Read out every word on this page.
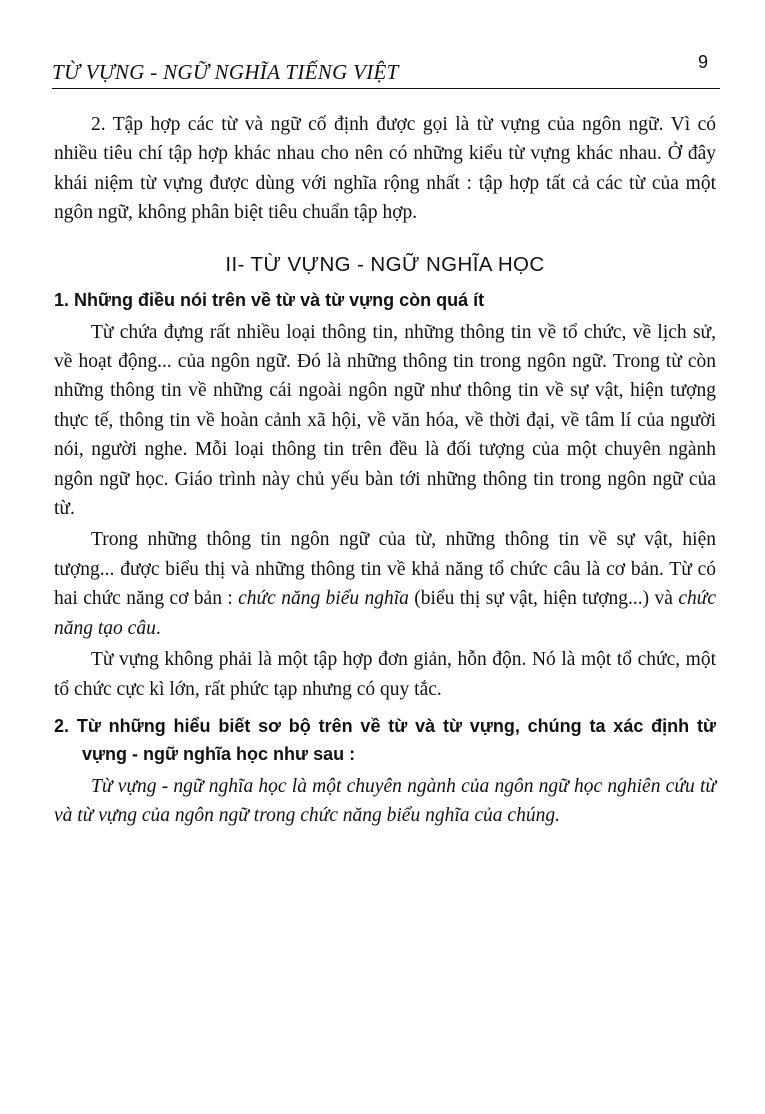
TỪ VỰNG - NGỮ NGHĨA TIẾNG VIỆT	9

2. Tập hợp các từ và ngữ cố định được gọi là từ vựng của ngôn ngữ. Vì có nhiều tiêu chí tập hợp khác nhau cho nên có những kiểu từ vựng khác nhau. Ở đây khái niệm từ vựng được dùng với nghĩa rộng nhất : tập hợp tất cả các từ của một ngôn ngữ, không phân biệt tiêu chuẩn tập hợp.

II- TỪ VỰNG - NGỮ NGHĨA HỌC
1. Những điều nói trên về từ và từ vựng còn quá ít

Từ chứa đựng rất nhiều loại thông tin, những thông tin về tổ chức, về lịch sử, về hoạt động... của ngôn ngữ. Đó là những thông tin trong ngôn ngữ. Trong từ còn những thông tin về những cái ngoài ngôn ngữ như thông tin về sự vật, hiện tượng thực tế, thông tin về hoàn cảnh xã hội, về văn hóa, về thời đại, về tâm lí của người nói, người nghe. Mỗi loại thông tin trên đều là đối tượng của một chuyên ngành ngôn ngữ học. Giáo trình này chủ yếu bàn tới những thông tin trong ngôn ngữ của từ.

Trong những thông tin ngôn ngữ của từ, những thông tin về sự vật, hiện tượng... được biểu thị và những thông tin về khả năng tổ chức câu là cơ bản. Từ có hai chức năng cơ bản : chức năng biểu nghĩa (biểu thị sự vật, hiện tượng...) và chức năng tạo câu.

Từ vựng không phải là một tập hợp đơn giản, hỗn độn. Nó là một tổ chức, một tổ chức cực kì lớn, rất phức tạp nhưng có quy tắc.

2. Từ những hiểu biết sơ bộ trên về từ và từ vựng, chúng ta xác định từ vựng - ngữ nghĩa học như sau :

Từ vựng - ngữ nghĩa học là một chuyên ngành của ngôn ngữ học nghiên cứu từ và từ vựng của ngôn ngữ trong chức năng biểu nghĩa của chúng.
